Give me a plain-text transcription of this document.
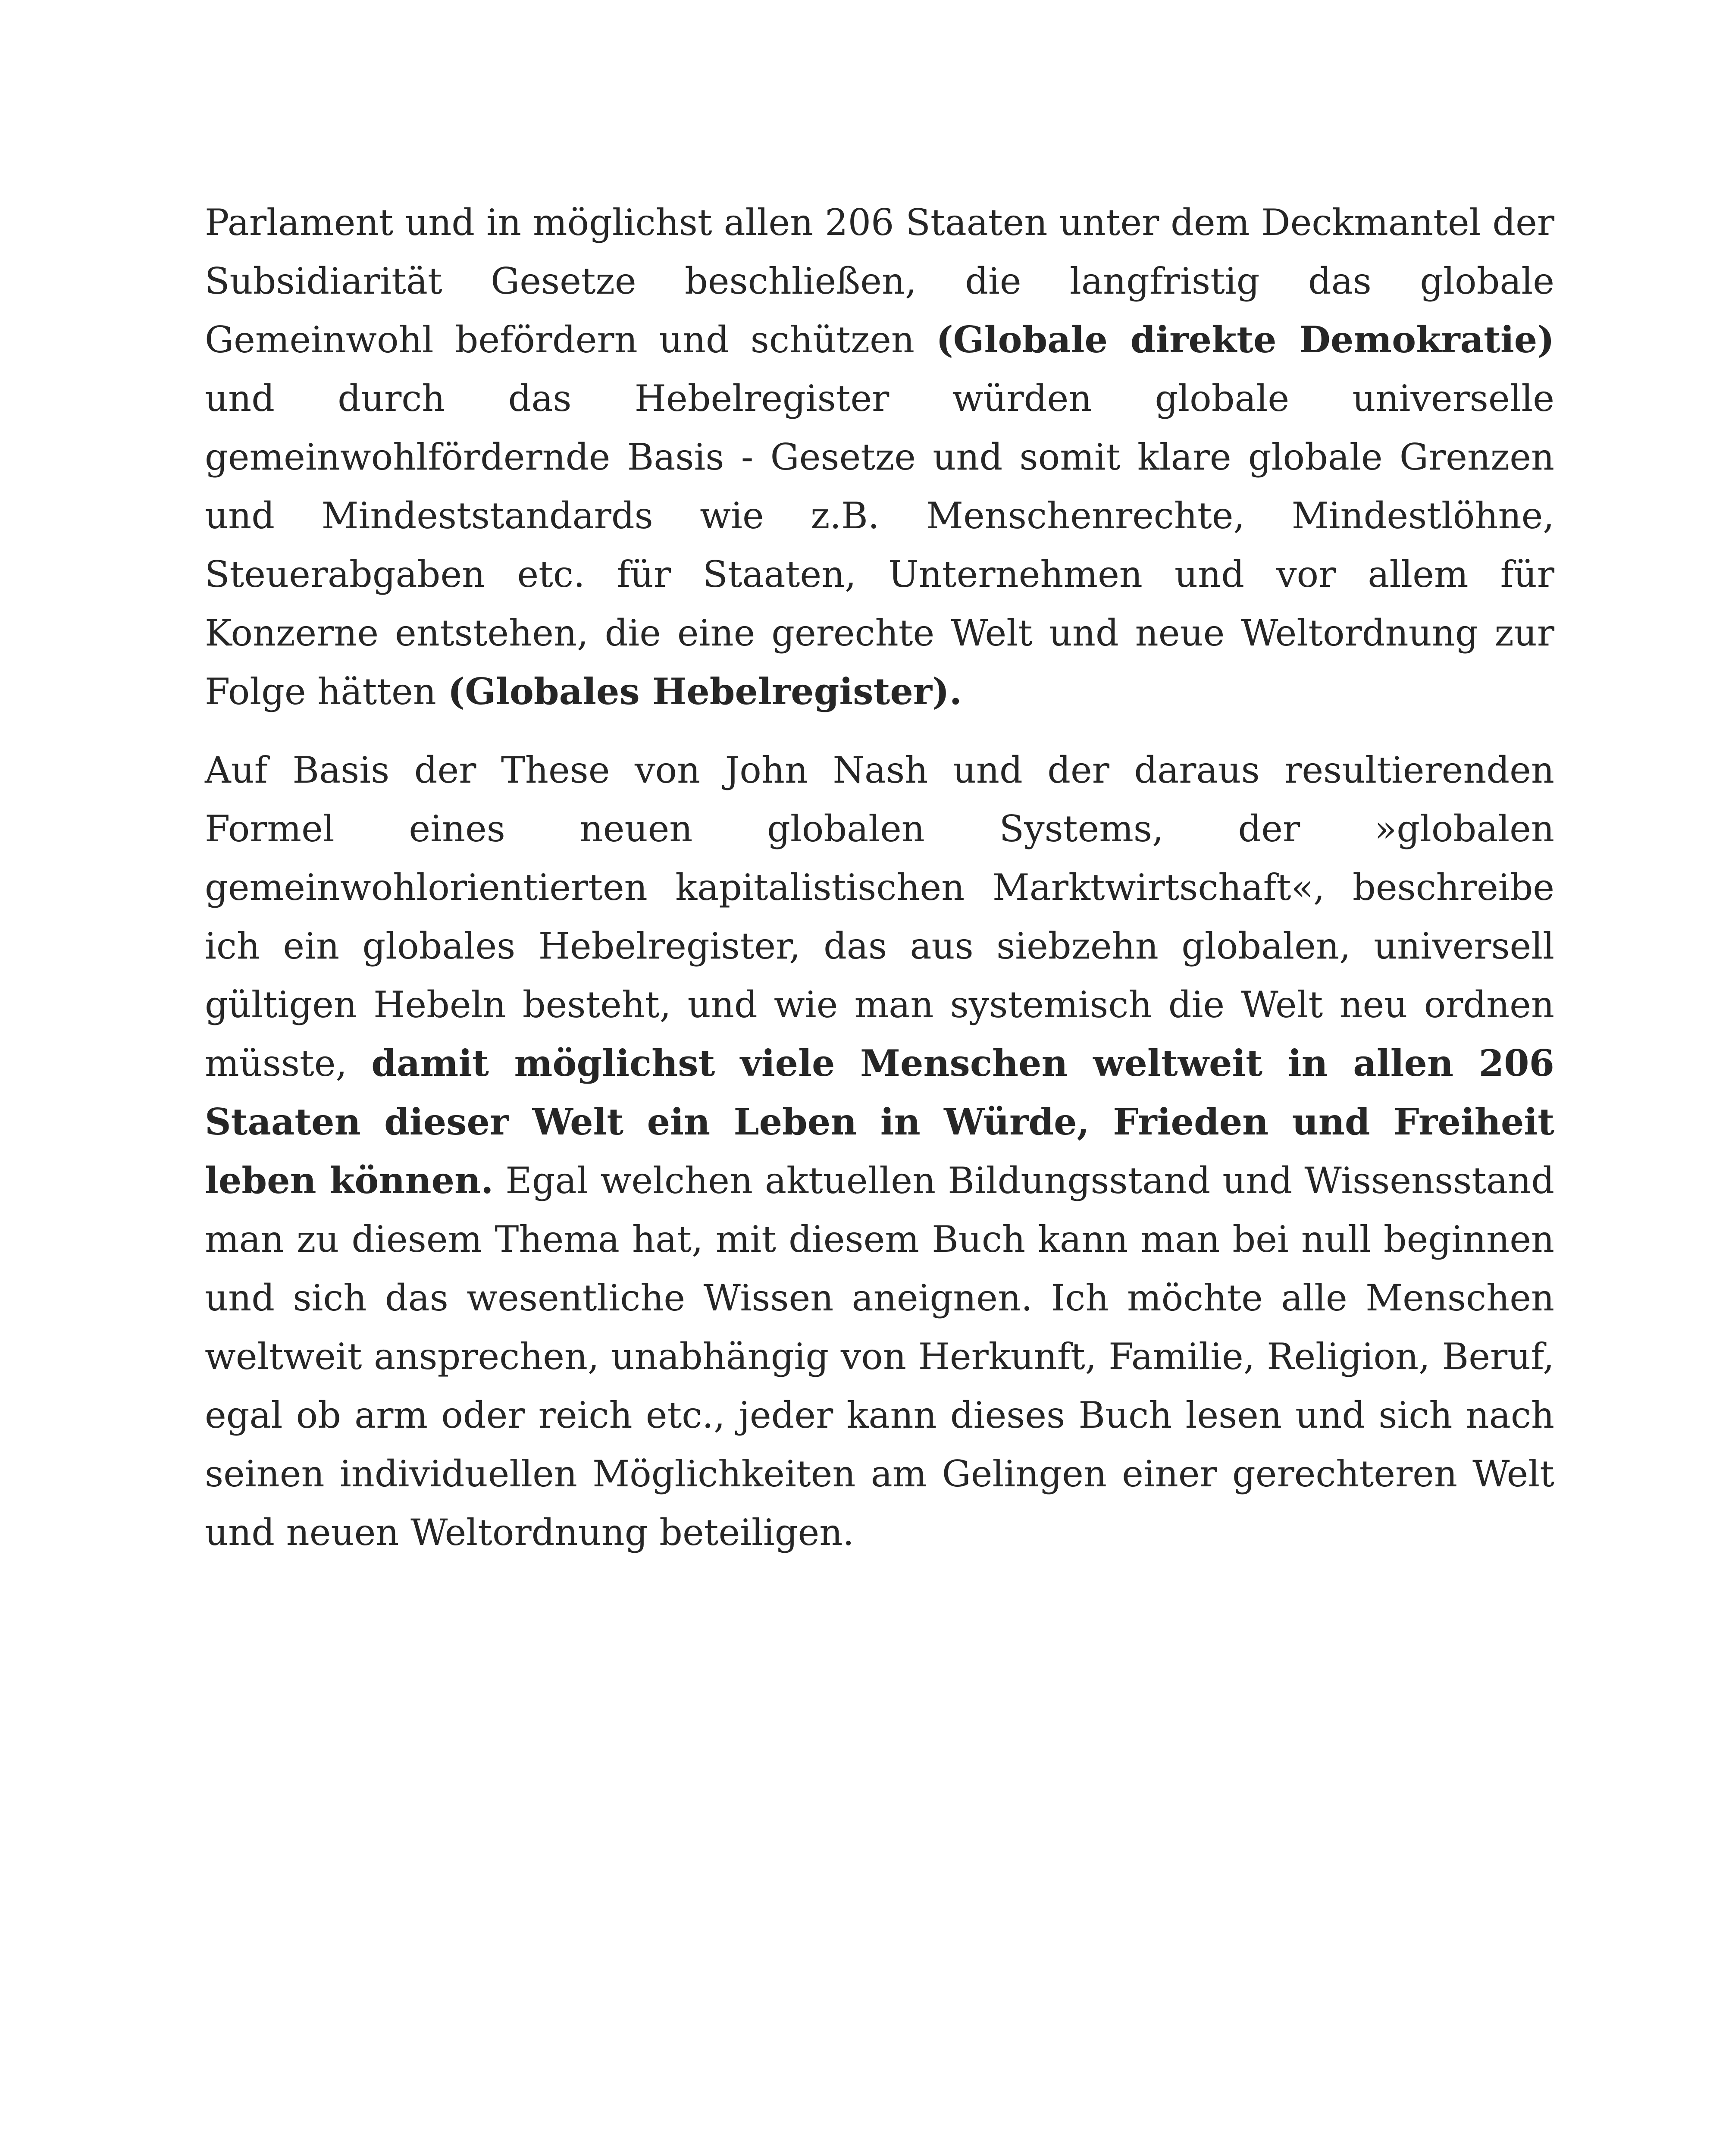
Parlament und in möglichst allen 206 Staaten unter dem Deckmantel der Subsidiarität Gesetze beschließen, die langfristig das globale Gemeinwohl befördern und schützen (Globale direkte Demokratie) und durch das Hebelregister würden globale universelle gemeinwohlfördernde Basis - Gesetze und somit klare globale Grenzen und Mindeststandards wie z.B. Menschenrechte, Mindestlöhne, Steuerabgaben etc. für Staaten, Unternehmen und vor allem für Konzerne entstehen, die eine gerechte Welt und neue Weltordnung zur Folge hätten (Globales Hebelregister).

Auf Basis der These von John Nash und der daraus resultierenden Formel eines neuen globalen Systems, der »globalen gemeinwohlorientierten kapitalistischen Marktwirtschaft«, beschreibe ich ein globales Hebelregister, das aus siebzehn globalen, universell gültigen Hebeln besteht, und wie man systemisch die Welt neu ordnen müsste, damit möglichst viele Menschen weltweit in allen 206 Staaten dieser Welt ein Leben in Würde, Frieden und Freiheit leben können. Egal welchen aktuellen Bildungsstand und Wissensstand man zu diesem Thema hat, mit diesem Buch kann man bei null beginnen und sich das wesentliche Wissen aneignen. Ich möchte alle Menschen weltweit ansprechen, unabhängig von Herkunft, Familie, Religion, Beruf, egal ob arm oder reich etc., jeder kann dieses Buch lesen und sich nach seinen individuellen Möglichkeiten am Gelingen einer gerechteren Welt und neuen Weltordnung beteiligen.
